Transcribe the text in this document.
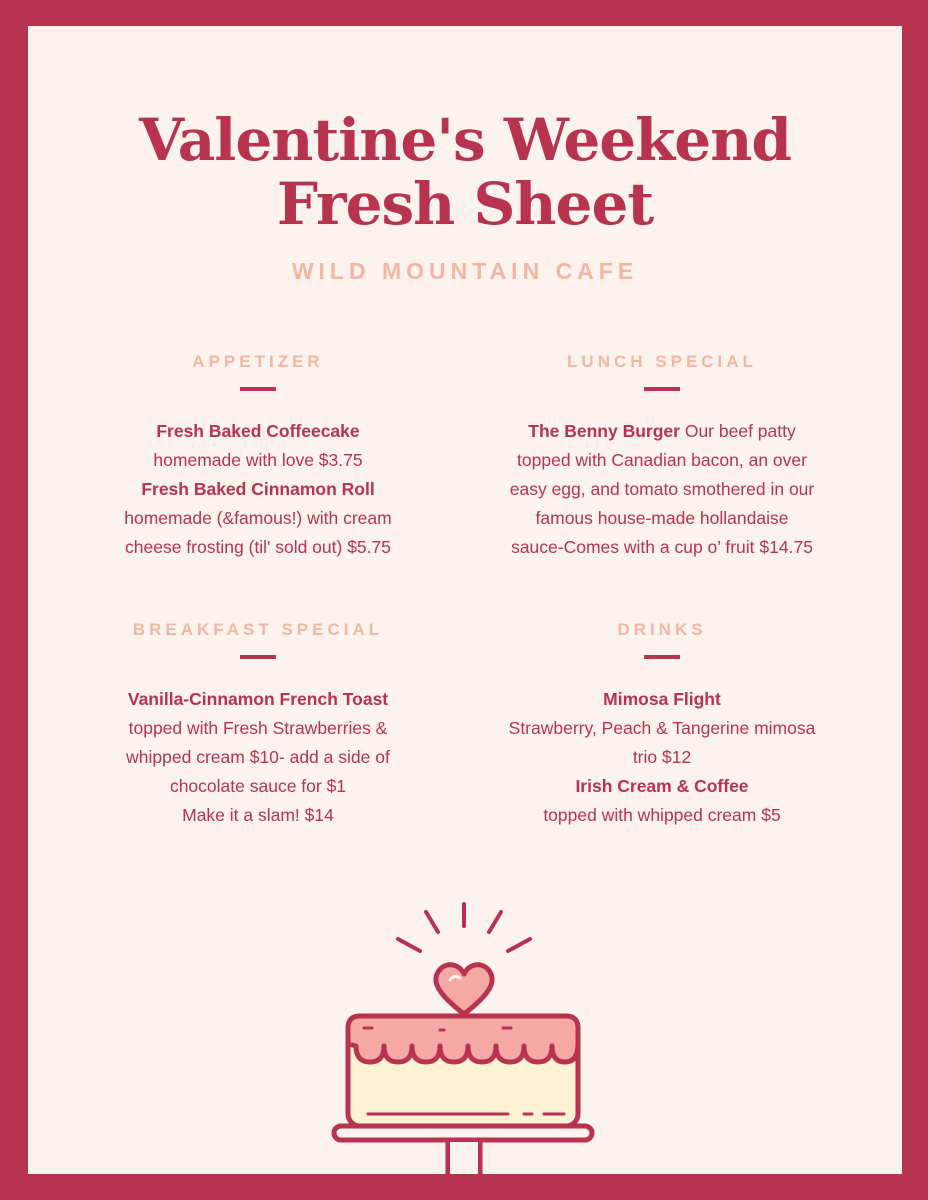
Valentine's Weekend
Fresh Sheet
WILD MOUNTAIN CAFE
APPETIZER
Fresh Baked Coffeecake
homemade with love $3.75
Fresh Baked Cinnamon Roll
homemade (&famous!) with cream
cheese frosting (til' sold out) $5.75
LUNCH SPECIAL
The Benny Burger Our beef patty
topped with Canadian bacon, an over
easy egg, and tomato smothered in our
famous house-made hollandaise
sauce-Comes with a cup o’ fruit $14.75
BREAKFAST SPECIAL
Vanilla-Cinnamon French Toast
topped with Fresh Strawberries &
whipped cream $10- add a side of
chocolate sauce for $1
Make it a slam! $14
DRINKS
Mimosa Flight
Strawberry, Peach & Tangerine mimosa
trio $12
Irish Cream & Coffee
topped with whipped cream $5
